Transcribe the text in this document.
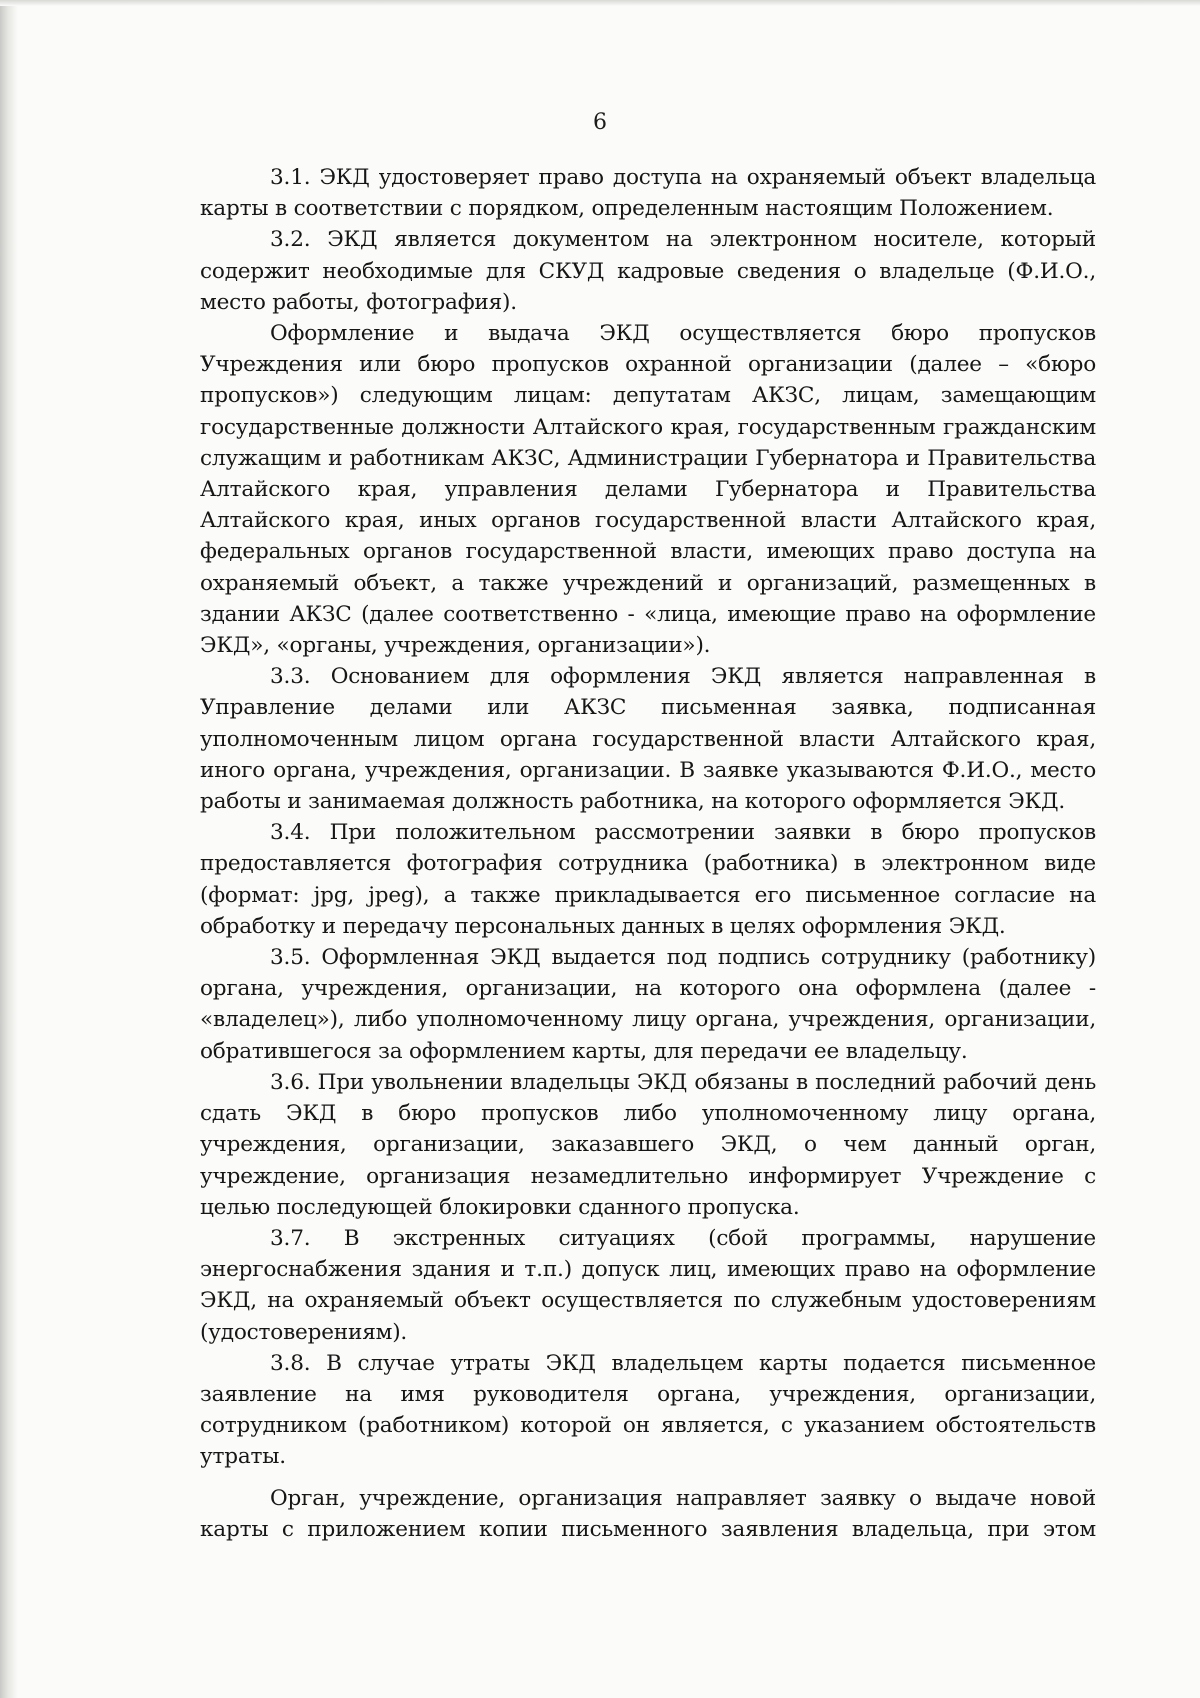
6

3.1. ЭКД удостоверяет право доступа на охраняемый объект владельца карты в соответствии с порядком, определенным настоящим Положением.

3.2. ЭКД является документом на электронном носителе, который содержит необходимые для СКУД кадровые сведения о владельце (Ф.И.О., место работы, фотография).

Оформление и выдача ЭКД осуществляется бюро пропусков Учреждения или бюро пропусков охранной организации (далее – «бюро пропусков») следующим лицам: депутатам АКЗС, лицам, замещающим государственные должности Алтайского края, государственным гражданским служащим и работникам АКЗС, Администрации Губернатора и Правительства Алтайского края, управления делами Губернатора и Правительства Алтайского края, иных органов государственной власти Алтайского края, федеральных органов государственной власти, имеющих право доступа на охраняемый объект, а также учреждений и организаций, размещенных в здании АКЗС (далее соответственно - «лица, имеющие право на оформление ЭКД», «органы, учреждения, организации»).

3.3. Основанием для оформления ЭКД является направленная в Управление делами или АКЗС письменная заявка, подписанная уполномоченным лицом органа государственной власти Алтайского края, иного органа, учреждения, организации. В заявке указываются Ф.И.О., место работы и занимаемая должность работника, на которого оформляется ЭКД.

3.4. При положительном рассмотрении заявки в бюро пропусков предоставляется фотография сотрудника (работника) в электронном виде (формат: jpg, jpeg), а также прикладывается его письменное согласие на обработку и передачу персональных данных в целях оформления ЭКД.

3.5. Оформленная ЭКД выдается под подпись сотруднику (работнику) органа, учреждения, организации, на которого она оформлена (далее - «владелец»), либо уполномоченному лицу органа, учреждения, организации, обратившегося за оформлением карты, для передачи ее владельцу.

3.6. При увольнении владельцы ЭКД обязаны в последний рабочий день сдать ЭКД в бюро пропусков либо уполномоченному лицу органа, учреждения, организации, заказавшего ЭКД, о чем данный орган, учреждение, организация незамедлительно информирует Учреждение с целью последующей блокировки сданного пропуска.

3.7. В экстренных ситуациях (сбой программы, нарушение энергоснабжения здания и т.п.) допуск лиц, имеющих право на оформление ЭКД, на охраняемый объект осуществляется по служебным удостоверениям (удостоверениям).

3.8. В случае утраты ЭКД владельцем карты подается письменное заявление на имя руководителя органа, учреждения, организации, сотрудником (работником) которой он является, с указанием обстоятельств утраты.

Орган, учреждение, организация направляет заявку о выдаче новой карты с приложением копии письменного заявления владельца, при этом
